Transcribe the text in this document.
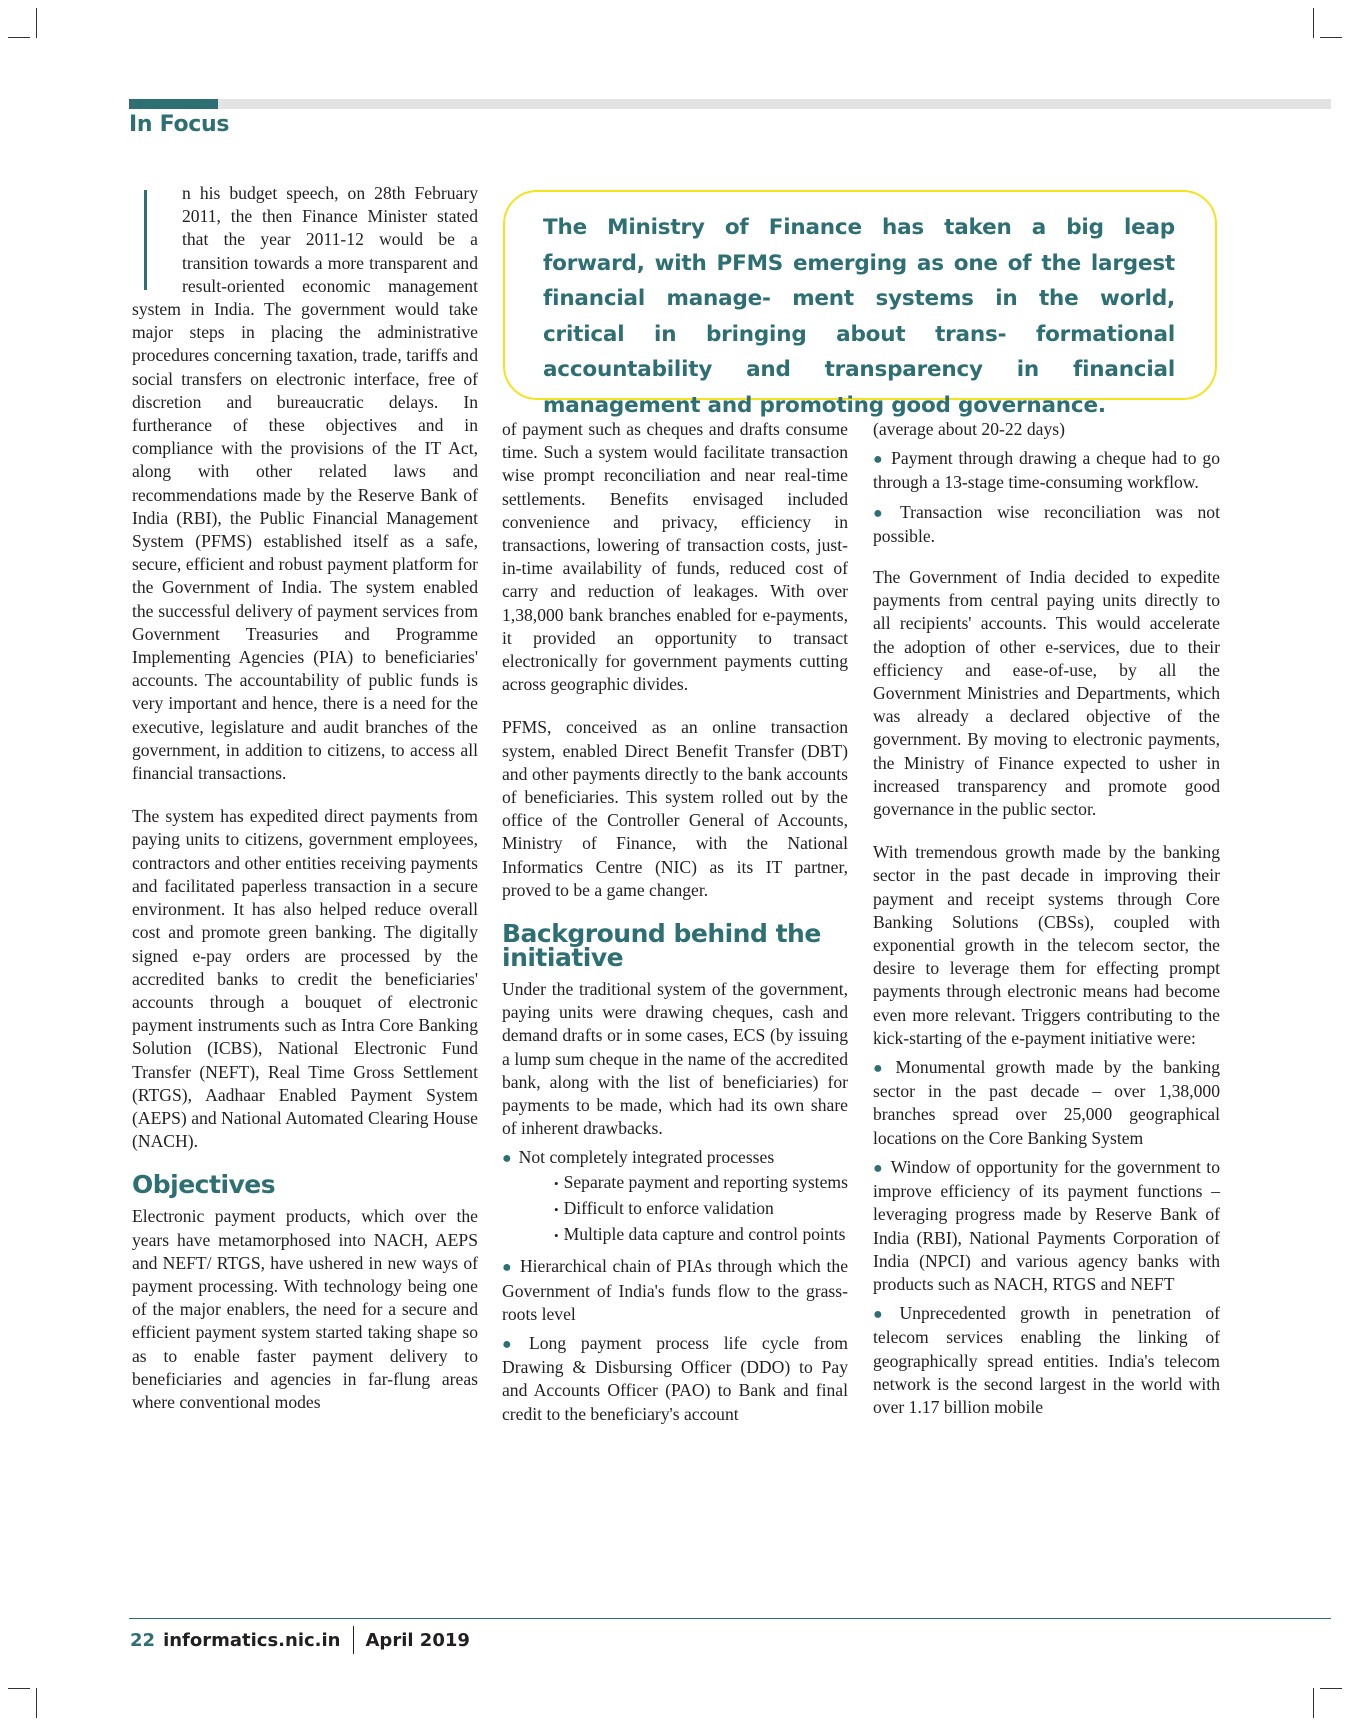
In Focus

The Ministry of Finance has taken a big leap forward, with PFMS emerging as one of the largest financial manage- ment systems in the world, critical in bringing about trans- formational accountability and transparency in financial management and promoting good governance.

n his budget speech, on 28th February 2011, the then Finance Minister stated that the year 2011-12 would be a transition towards a more transparent and result-oriented economic management system in India. The government would take major steps in placing the administrative procedures concerning taxation, trade, tariffs and social transfers on electronic interface, free of discretion and bureaucratic delays. In furtherance of these objectives and in compliance with the provisions of the IT Act, along with other related laws and recommendations made by the Reserve Bank of India (RBI), the Public Financial Management System (PFMS) established itself as a safe, secure, efficient and robust payment platform for the Government of India. The system enabled the successful delivery of payment services from Government Treasuries and Programme Implementing Agencies (PIA) to beneficiaries' accounts. The accountability of public funds is very important and hence, there is a need for the executive, legislature and audit branches of the government, in addition to citizens, to access all financial transactions.

The system has expedited direct payments from paying units to citizens, government employees, contractors and other entities receiving payments and facilitated paperless transaction in a secure environment. It has also helped reduce overall cost and promote green banking. The digitally signed e-pay orders are processed by the accredited banks to credit the beneficiaries' accounts through a bouquet of electronic payment instruments such as Intra Core Banking Solution (ICBS), National Electronic Fund Transfer (NEFT), Real Time Gross Settlement (RTGS), Aadhaar Enabled Payment System (AEPS) and National Automated Clearing House (NACH).

Objectives

Electronic payment products, which over the years have metamorphosed into NACH, AEPS and NEFT/ RTGS, have ushered in new ways of payment processing. With technology being one of the major enablers, the need for a secure and efficient payment system started taking shape so as to enable faster payment delivery to beneficiaries and agencies in far-flung areas where conventional modes

of payment such as cheques and drafts consume time. Such a system would facilitate transaction wise prompt reconciliation and near real-time settlements. Benefits envisaged included convenience and privacy, efficiency in transactions, lowering of transaction costs, just-in-time availability of funds, reduced cost of carry and reduction of leakages. With over 1,38,000 bank branches enabled for e-payments, it provided an opportunity to transact electronically for government payments cutting across geographic divides.

PFMS, conceived as an online transaction system, enabled Direct Benefit Transfer (DBT) and other payments directly to the bank accounts of beneficiaries. This system rolled out by the office of the Controller General of Accounts, Ministry of Finance, with the National Informatics Centre (NIC) as its IT partner, proved to be a game changer.

Background behind the initiative

Under the traditional system of the government, paying units were drawing cheques, cash and demand drafts or in some cases, ECS (by issuing a lump sum cheque in the name of the accredited bank, along with the list of beneficiaries) for payments to be made, which had its own share of inherent drawbacks.

● Not completely integrated processes
• Separate payment and reporting systems
• Difficult to enforce validation
• Multiple data capture and control points
● Hierarchical chain of PIAs through which the Government of India's funds flow to the grass-roots level
● Long payment process life cycle from Drawing & Disbursing Officer (DDO) to Pay and Accounts Officer (PAO) to Bank and final credit to the beneficiary's account

(average about 20-22 days)

● Payment through drawing a cheque had to go through a 13-stage time-consuming workflow.
● Transaction wise reconciliation was not possible.

The Government of India decided to expedite payments from central paying units directly to all recipients' accounts. This would accelerate the adoption of other e-services, due to their efficiency and ease-of-use, by all the Government Ministries and Departments, which was already a declared objective of the government. By moving to electronic payments, the Ministry of Finance expected to usher in increased transparency and promote good governance in the public sector.

With tremendous growth made by the banking sector in the past decade in improving their payment and receipt systems through Core Banking Solutions (CBSs), coupled with exponential growth in the telecom sector, the desire to leverage them for effecting prompt payments through electronic means had become even more relevant. Triggers contributing to the kick-starting of the e-payment initiative were:

● Monumental growth made by the banking sector in the past decade – over 1,38,000 branches spread over 25,000 geographical locations on the Core Banking System
● Window of opportunity for the government to improve efficiency of its payment functions – leveraging progress made by Reserve Bank of India (RBI), National Payments Corporation of India (NPCI) and various agency banks with products such as NACH, RTGS and NEFT
● Unprecedented growth in penetration of telecom services enabling the linking of geographically spread entities. India's telecom network is the second largest in the world with over 1.17 billion mobile
22 informatics.nic.in April 2019
